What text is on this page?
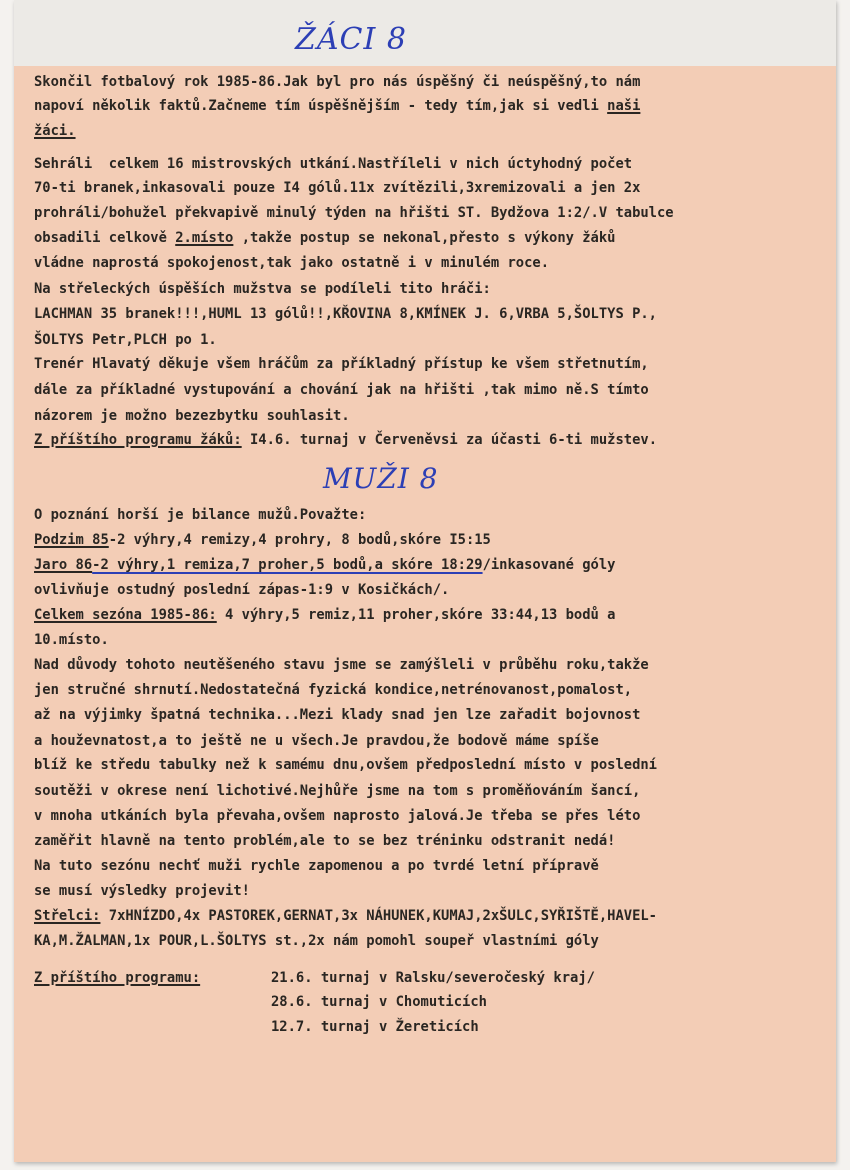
ŽÁCI 8

Skončil fotbalový rok 1985-86.Jak byl pro nás úspěšný či neúspěšný,to nám

napoví několik faktů.Začneme tím úspěšnějším - tedy tím,jak si vedli naši

žáci.

Sehráli  celkem 16 mistrovských utkání.Nastříleli v nich úctyhodný počet

70-ti branek,inkasovali pouze I4 gólů.11x zvítězili,3xremizovali a jen 2x

prohráli/bohužel překvapivě minulý týden na hřišti ST. Bydžova 1:2/.V tabulce

obsadili celkově 2.místo ,takže postup se nekonal,přesto s výkony žáků

vládne naprostá spokojenost,tak jako ostatně i v minulém roce.

Na střeleckých úspěších mužstva se podíleli tito hráči:

LACHMAN 35 branek!!!,HUML 13 gólů!!,KŘOVINA 8,KMÍNEK J. 6,VRBA 5,ŠOLTYS P.,

ŠOLTYS Petr,PLCH po 1.

Trenér Hlavatý děkuje všem hráčům za příkladný přístup ke všem střetnutím,

dále za příkladné vystupování a chování jak na hřišti ,tak mimo ně.S tímto

názorem je možno bezezbytku souhlasit.

Z příštího programu žáků: I4.6. turnaj v Červeněvsi za účasti 6-ti mužstev.

MUŽI 8

O poznání horší je bilance mužů.Považte:

Podzim 85-2 výhry,4 remizy,4 prohry, 8 bodů,skóre I5:15

Jaro 86-2 výhry,1 remiza,7 proher,5 bodů,a skóre 18:29/inkasované góly

ovlivňuje ostudný poslední zápas-1:9 v Kosičkách/.

Celkem sezóna 1985-86: 4 výhry,5 remiz,11 proher,skóre 33:44,13 bodů a

10.místo.

Nad důvody tohoto neutěšeného stavu jsme se zamýšleli v průběhu roku,takže

jen stručné shrnutí.Nedostatečná fyzická kondice,netrénovanost,pomalost,

až na výjimky špatná technika...Mezi klady snad jen lze zařadit bojovnost

a houževnatost,a to ještě ne u všech.Je pravdou,že bodově máme spíše

blíž ke středu tabulky než k samému dnu,ovšem předposlední místo v poslední

soutěži v okrese není lichotivé.Nejhůře jsme na tom s proměňováním šancí,

v mnoha utkáních byla převaha,ovšem naprosto jalová.Je třeba se přes léto

zaměřit hlavně na tento problém,ale to se bez tréninku odstranit nedá!

Na tuto sezónu nechť muži rychle zapomenou a po tvrdé letní přípravě

se musí výsledky projevit!

Střelci: 7xHNÍZDO,4x PASTOREK,GERNAT,3x NÁHUNEK,KUMAJ,2xŠULC,SYŘIŠTĚ,HAVEL-

KA,M.ŽALMAN,1x POUR,L.ŠOLTYS st.,2x nám pomohl soupeř vlastními góly

Z příštího programu:	21.6. turnaj v Ralsku/severočeský kraj/

28.6. turnaj v Chomuticích

12.7. turnaj v Žereticích
